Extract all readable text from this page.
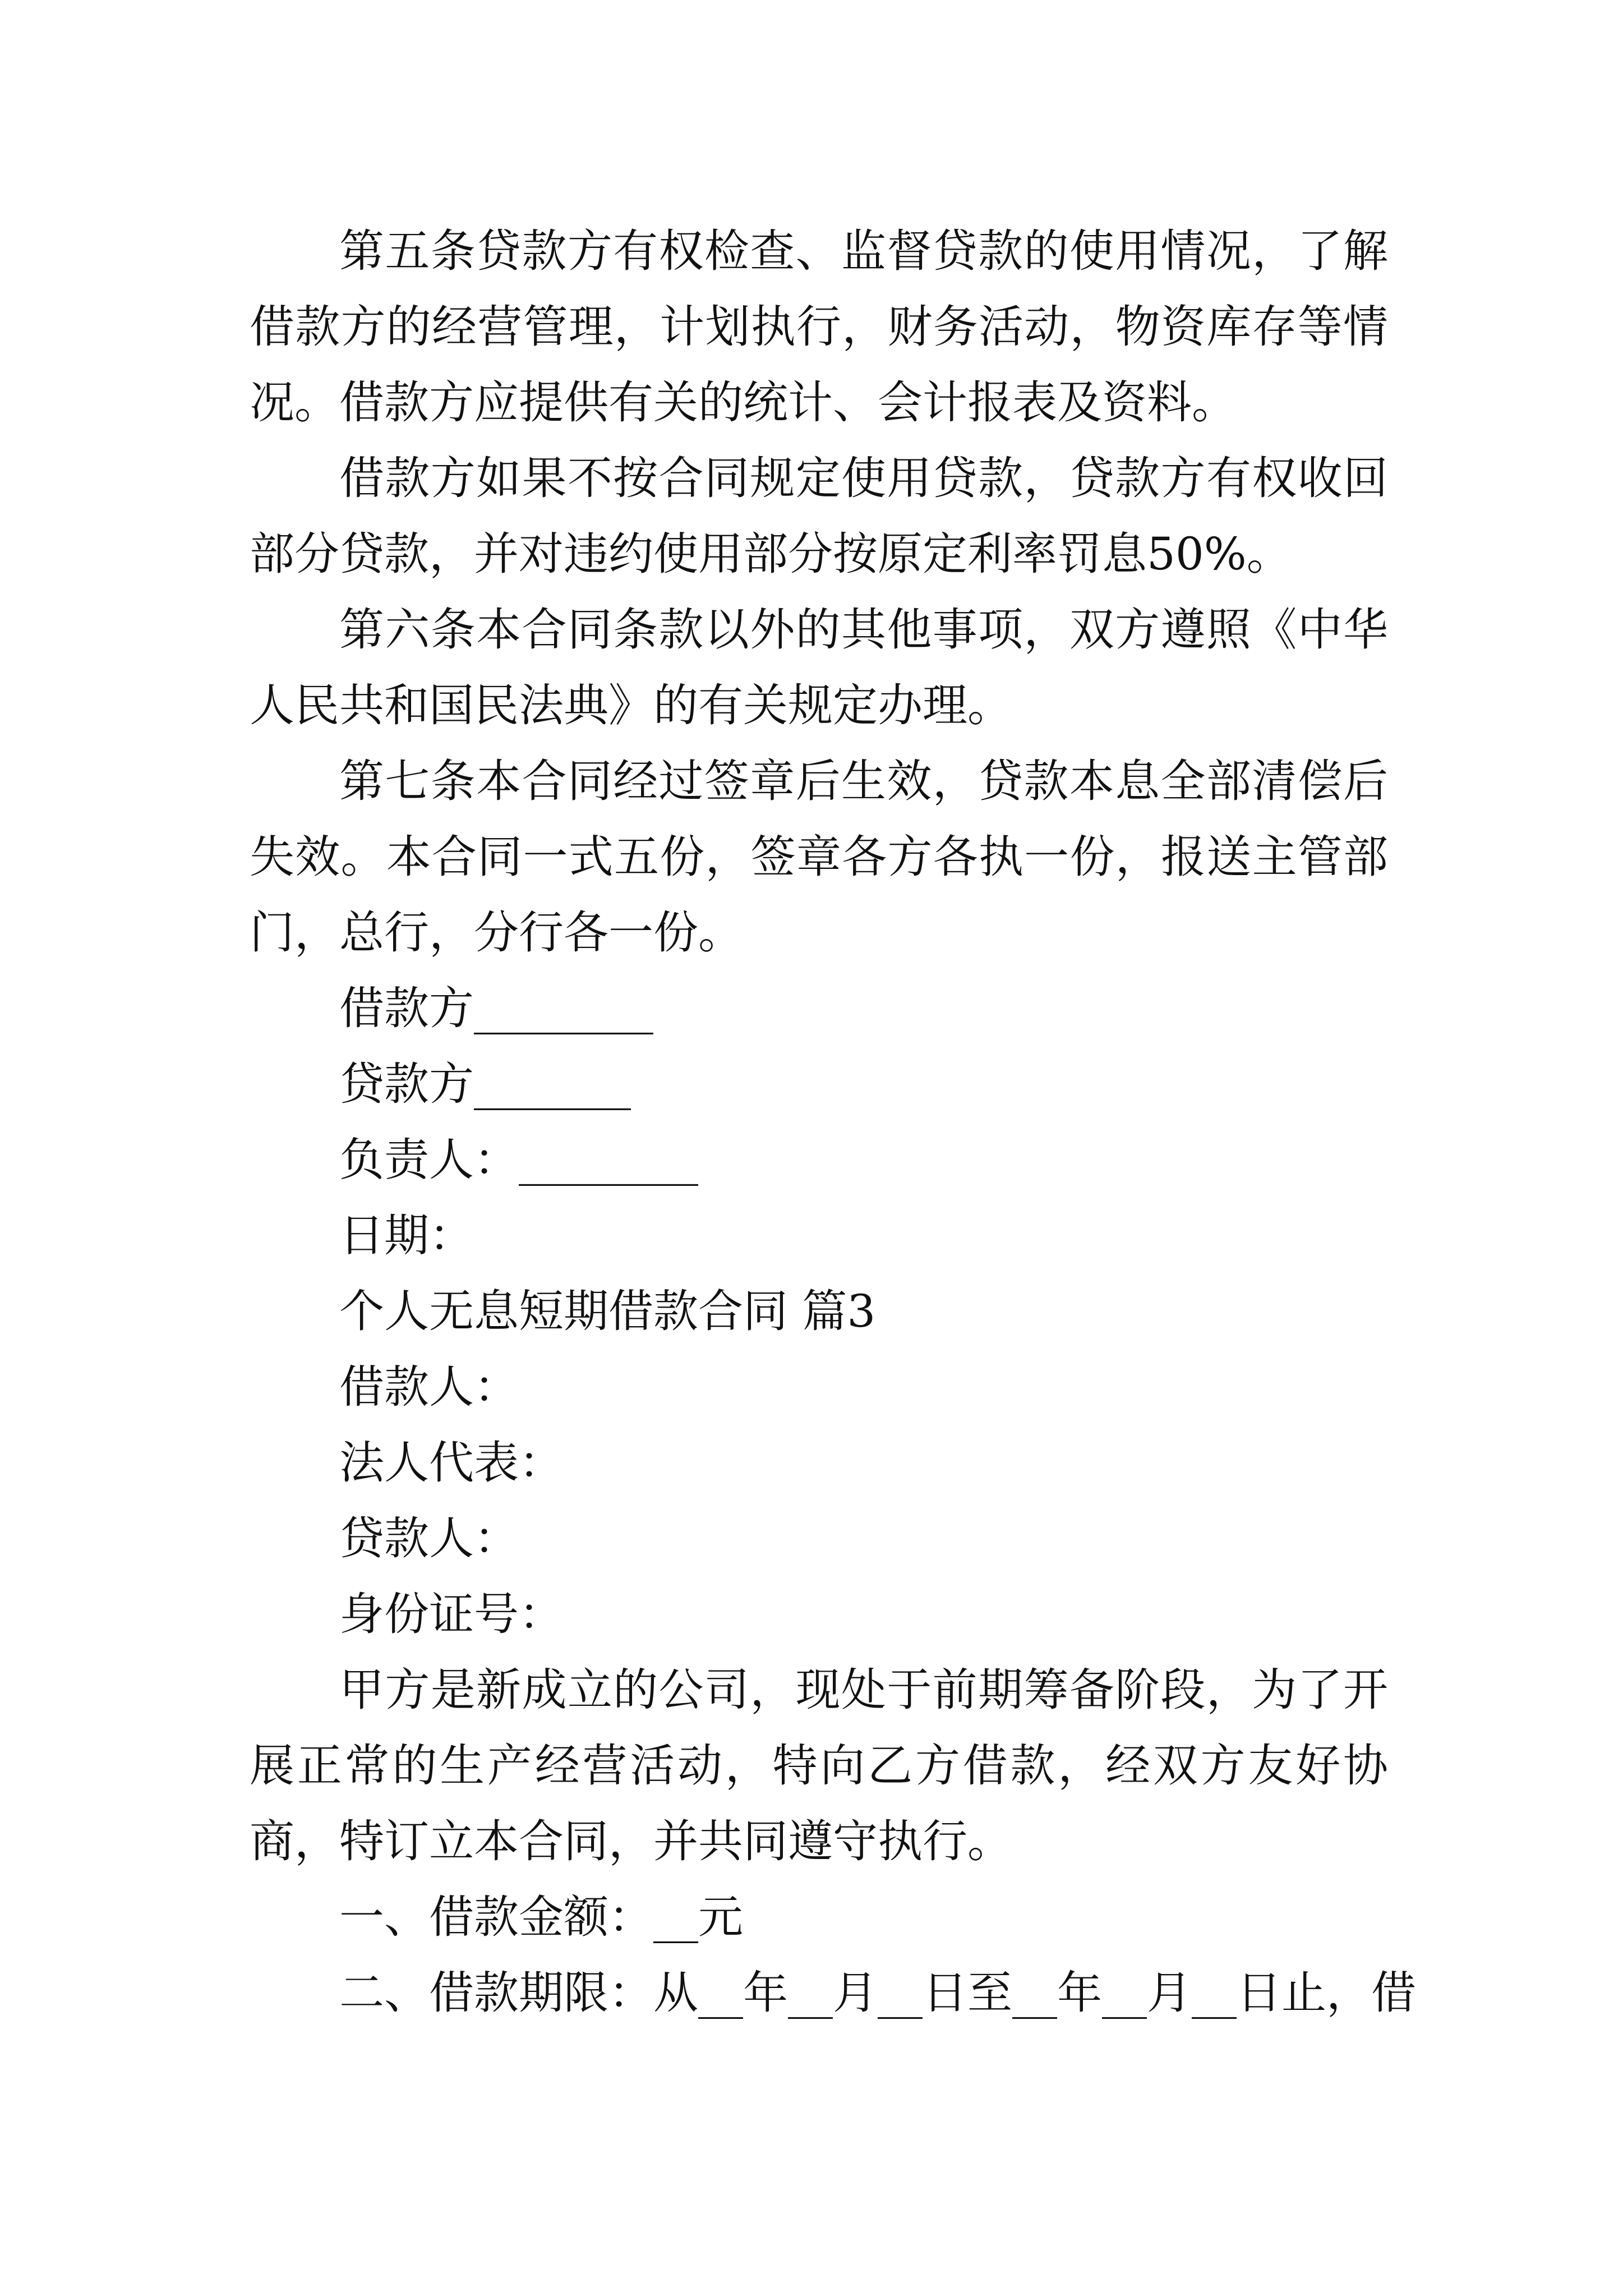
第五条贷款方有权检查、监督贷款的使用情况，了解借款方的经营管理，计划执行，财务活动，物资库存等情况。借款方应提供有关的统计、会计报表及资料。

借款方如果不按合同规定使用贷款，贷款方有权收回部分贷款，并对违约使用部分按原定利率罚息50%。

第六条本合同条款以外的其他事项，双方遵照《中华人民共和国民法典》的有关规定办理。

第七条本合同经过签章后生效，贷款本息全部清偿后失效。本合同一式五份，签章各方各执一份，报送主管部门，总行，分行各一份。

借款方________

贷款方_______

负责人：________

日期：

个人无息短期借款合同 篇3

借款人：

法人代表：

贷款人：

身份证号：

甲方是新成立的公司，现处于前期筹备阶段，为了开展正常的生产经营活动，特向乙方借款，经双方友好协商，特订立本合同，并共同遵守执行。

一、借款金额：__元

二、借款期限：从__年__月__日至__年__月__日止，借
